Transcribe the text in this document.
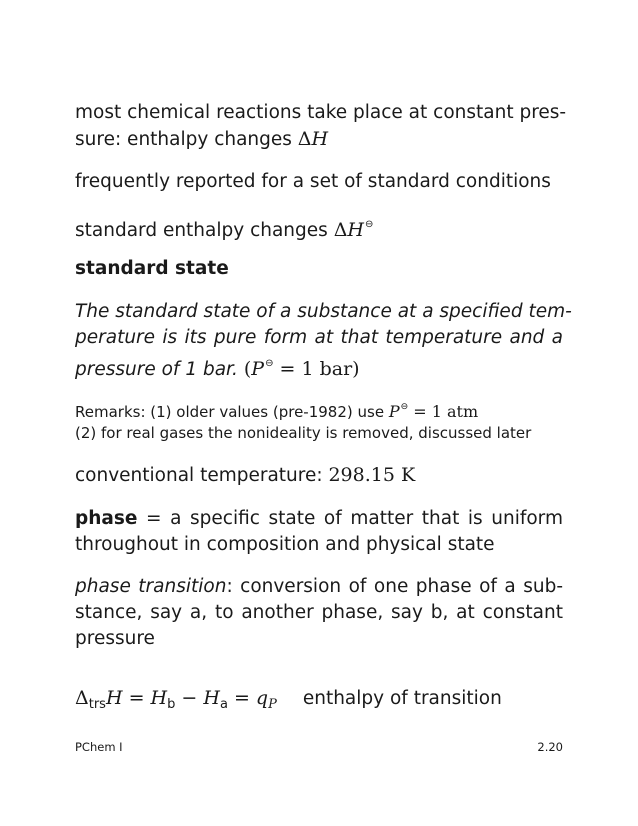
most chemical reactions take place at constant pres-
sure: enthalpy changes ΔH
frequently reported for a set of standard conditions
standard enthalpy changes ΔH⊖
standard state
The standard state of a substance at a specified tem-
perature is its pure form at that temperature and a
pressure of 1 bar. (P⊖ = 1 bar)
Remarks: (1) older values (pre-1982) use P⊖ = 1 atm
(2) for real gases the nonideality is removed, discussed later
conventional temperature: 298.15 K
phase = a specific state of matter that is uniform
throughout in composition and physical state
phase transition: conversion of one phase of a sub-
stance, say a, to another phase, say b, at constant
pressure
$\Delta_{trs}H = H_b - H_a = q_P$ enthalpy of transition
PChem I	2.20
